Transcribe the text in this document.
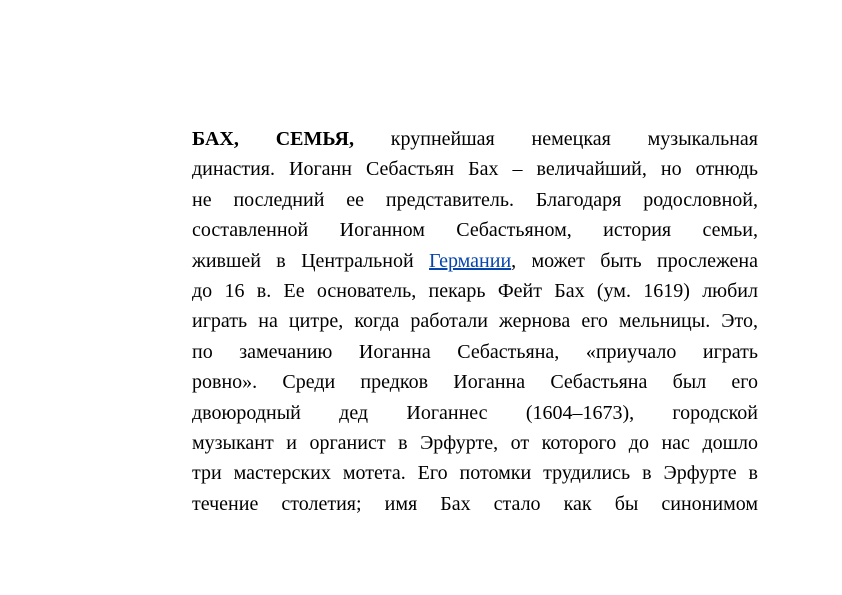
БАХ, СЕМЬЯ, крупнейшая немецкая музыкальная
династия. Иоганн Себастьян Бах – величайший, но отнюдь
не последний ее представитель. Благодаря родословной,
составленной Иоганном Себастьяном, история семьи,
жившей в Центральной Германии, может быть прослежена
до 16 в. Ее основатель, пекарь Фейт Бах (ум. 1619) любил
играть на цитре, когда работали жернова его мельницы. Это,
по замечанию Иоганна Себастьяна, «приучало играть
ровно». Среди предков Иоганна Себастьяна был его
двоюродный дед Иоганнес (1604–1673), городской
музыкант и органист в Эрфурте, от которого до нас дошло
три мастерских мотета. Его потомки трудились в Эрфурте в
течение столетия; имя Бах стало как бы синонимом
